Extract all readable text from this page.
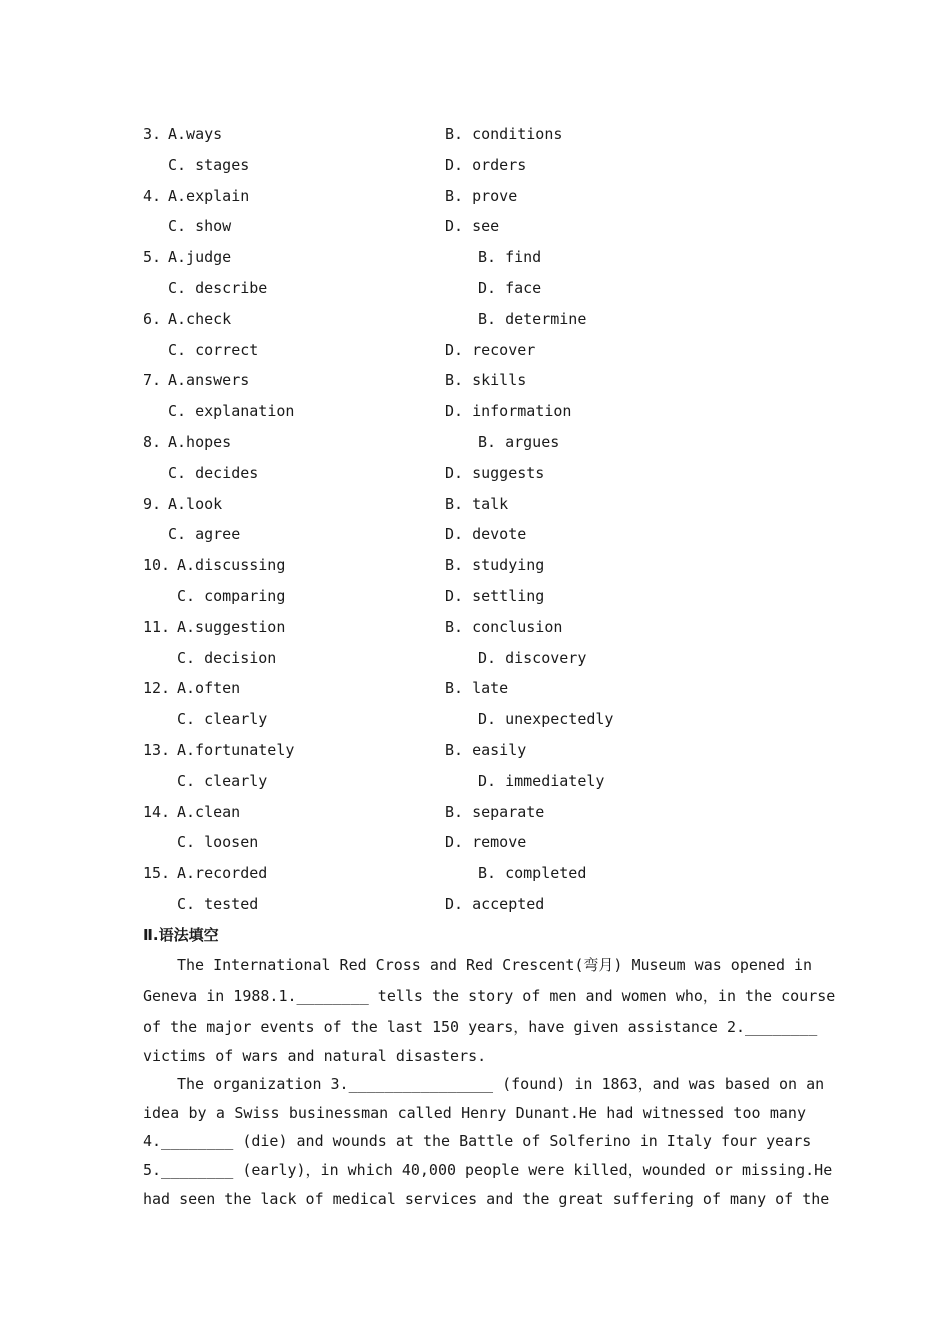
3. A.ways	B. conditions
C. stages	D. orders
4. A.explain	B. prove
C. show	D. see
5. A.judge	B. find
C. describe	D. face
6. A.check	B. determine
C. correct	D. recover
7. A.answers	B. skills
C. explanation	D. information
8. A.hopes	B. argues
C. decides	D. suggests
9. A.look	B. talk
C. agree	D. devote
10. A.discussing	B. studying
C. comparing	D. settling
11. A.suggestion	B. conclusion
C. decision	D. discovery
12. A.often	B. late
C. clearly	D. unexpectedly
13. A.fortunately	B. easily
C. clearly	D. immediately
14. A.clean	B. separate
C. loosen	D. remove
15. A.recorded	B. completed
C. tested	D. accepted
Ⅱ.语法填空
The International Red Cross and Red Crescent(弯月) Museum was opened in
Geneva in 1988.1.________ tells the story of men and women who，in the course
of the major events of the last 150 years，have given assistance 2.________
victims of wars and natural disasters.
The organization 3.________________ (found) in 1863，and was based on an
idea by a Swiss businessman called Henry Dunant.He had witnessed too many
4.________ (die) and wounds at the Battle of Solferino in Italy four years
5.________ (early)，in which 40,000 people were killed，wounded or missing.He
had seen the lack of medical services and the great suffering of many of the
